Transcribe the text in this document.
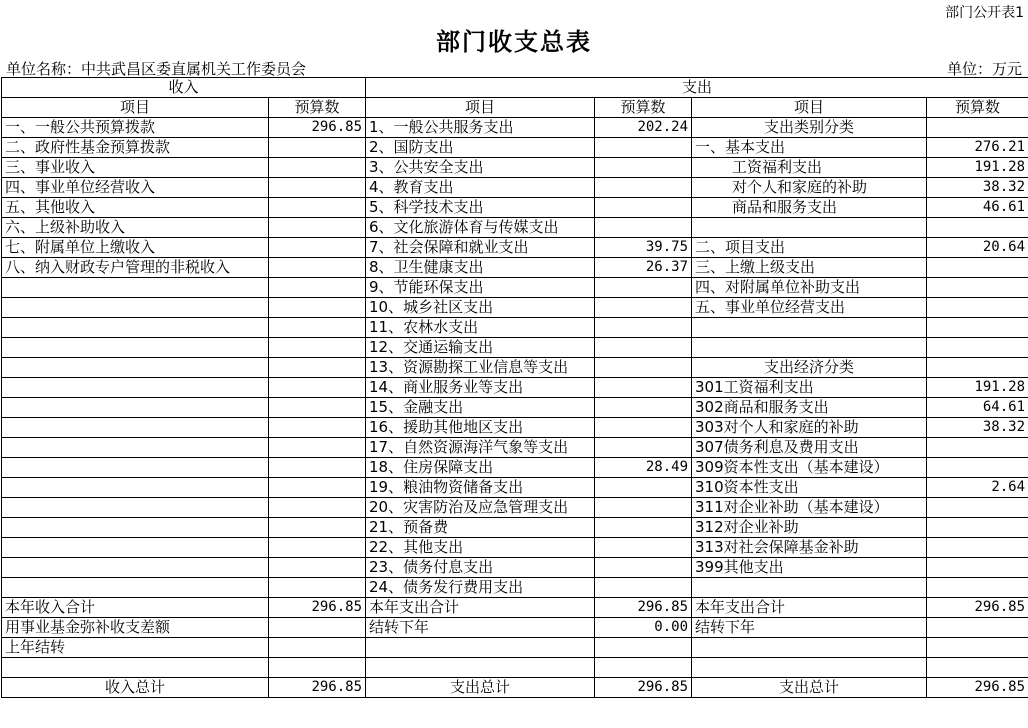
部门公开表1
部门收支总表
单位名称：中共武昌区委直属机关工作委员会	单位：万元
收入		支出			
项目	预算数	项目	预算数	项目	预算数
一、一般公共预算拨款	296.85	1、一般公共服务支出	202.24	支出类别分类	
二、政府性基金预算拨款		2、国防支出		一、基本支出	276.21
三、事业收入		3、公共安全支出		工资福利支出	191.28
四、事业单位经营收入		4、教育支出		对个人和家庭的补助	38.32
五、其他收入		5、科学技术支出		商品和服务支出	46.61
六、上级补助收入		6、文化旅游体育与传媒支出			
七、附属单位上缴收入		7、社会保障和就业支出	39.75	二、项目支出	20.64
八、纳入财政专户管理的非税收入		8、卫生健康支出	26.37	三、上缴上级支出	
		9、节能环保支出		四、对附属单位补助支出	
		10、城乡社区支出		五、事业单位经营支出	
		11、农林水支出			
		12、交通运输支出			
		13、资源勘探工业信息等支出		支出经济分类	
		14、商业服务业等支出		301工资福利支出	191.28
		15、金融支出		302商品和服务支出	64.61
		16、援助其他地区支出		303对个人和家庭的补助	38.32
		17、自然资源海洋气象等支出		307债务利息及费用支出	
		18、住房保障支出	28.49	309资本性支出（基本建设）	
		19、粮油物资储备支出		310资本性支出	2.64
		20、灾害防治及应急管理支出		311对企业补助（基本建设）	
		21、预备费		312对企业补助	
		22、其他支出		313对社会保障基金补助	
		23、债务付息支出		399其他支出	
		24、债务发行费用支出			
本年收入合计	296.85	本年支出合计	296.85	本年支出合计	296.85
用事业基金弥补收支差额		结转下年	0.00	结转下年	
上年结转					

收入总计	296.85	支出总计	296.85	支出总计	296.85
